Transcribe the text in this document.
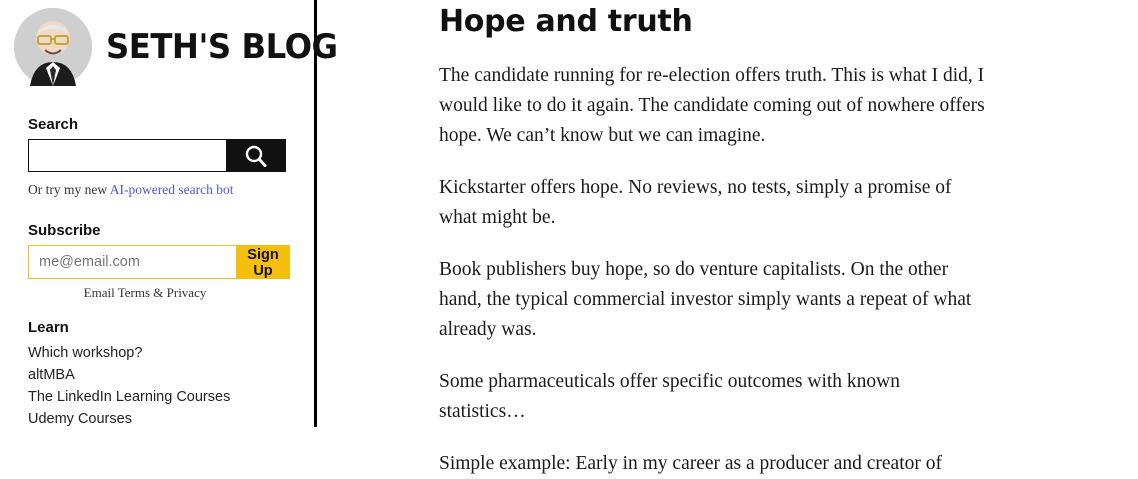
SETH'S BLOG
Search
Or try my new AI-powered search bot
Subscribe
me@email.com
Sign Up
Email Terms & Privacy
Learn
Which workshop?
altMBA
The LinkedIn Learning Courses
Udemy Courses
Hope and truth

The candidate running for re-election offers truth. This is what I did, I would like to do it again. The candidate coming out of nowhere offers hope. We can’t know but we can imagine.

Kickstarter offers hope. No reviews, no tests, simply a promise of what might be.

Book publishers buy hope, so do venture capitalists. On the other hand, the typical commercial investor simply wants a repeat of what already was.

Some pharmaceuticals offer specific outcomes with known statistics…

Simple example: Early in my career as a producer and creator of
